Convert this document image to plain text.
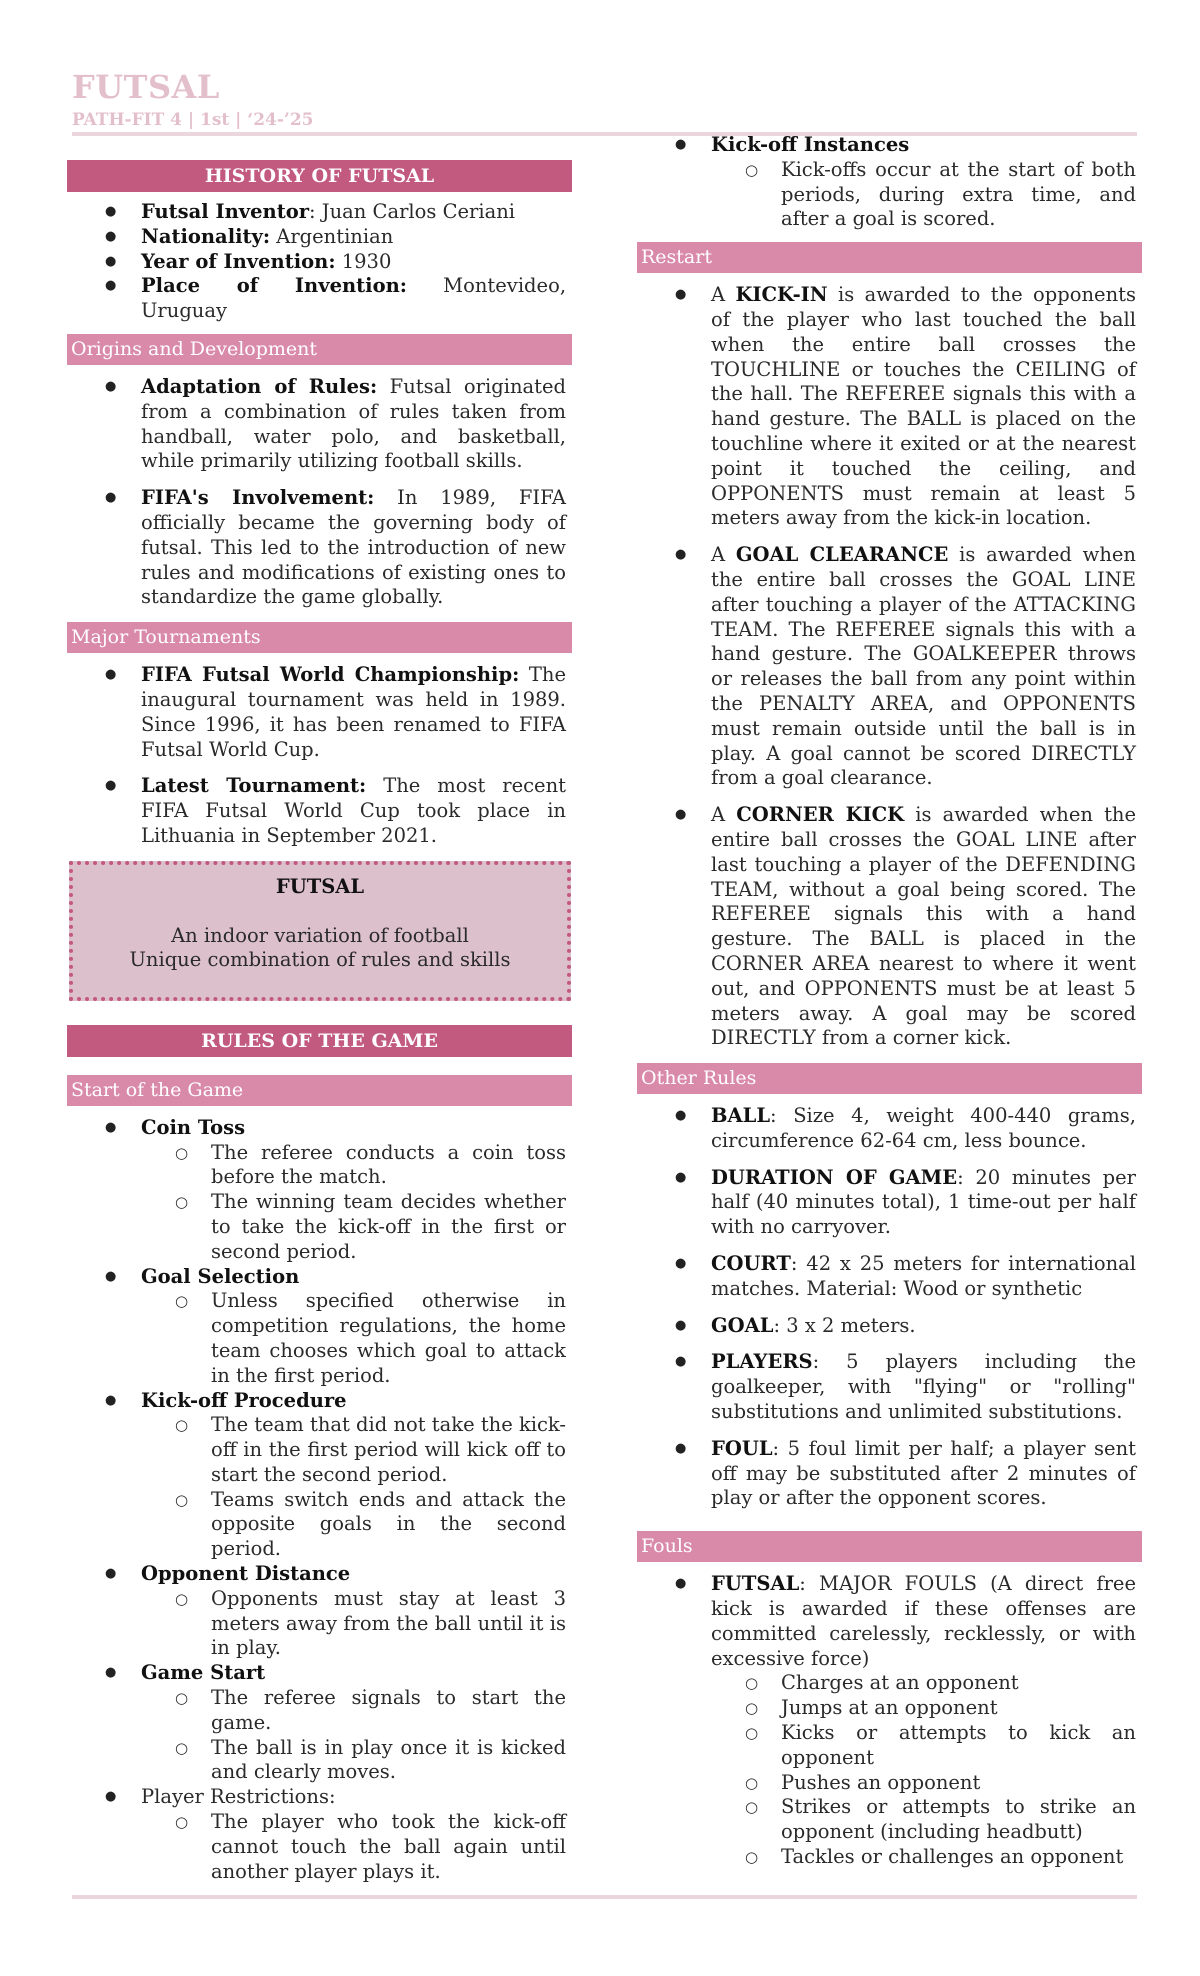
FUTSAL
PATH-FIT 4 | 1st | ‘24-’25
HISTORY OF FUTSAL
● Futsal Inventor: Juan Carlos Ceriani
● Nationality: Argentinian
● Year of Invention: 1930
● Place of Invention: Montevideo, Uruguay
Origins and Development
● Adaptation of Rules: Futsal originated from a combination of rules taken from handball, water polo, and basketball, while primarily utilizing football skills.
● FIFA's Involvement: In 1989, FIFA officially became the governing body of futsal. This led to the introduction of new rules and modifications of existing ones to standardize the game globally.
Major Tournaments
● FIFA Futsal World Championship: The inaugural tournament was held in 1989. Since 1996, it has been renamed to FIFA Futsal World Cup.
● Latest Tournament: The most recent FIFA Futsal World Cup took place in Lithuania in September 2021.
FUTSAL
An indoor variation of football
Unique combination of rules and skills
RULES OF THE GAME
Start of the Game
● Coin Toss
○ The referee conducts a coin toss before the match.
○ The winning team decides whether to take the kick-off in the first or second period.
● Goal Selection
○ Unless specified otherwise in competition regulations, the home team chooses which goal to attack in the first period.
● Kick-off Procedure
○ The team that did not take the kick-off in the first period will kick off to start the second period.
○ Teams switch ends and attack the opposite goals in the second period.
● Opponent Distance
○ Opponents must stay at least 3 meters away from the ball until it is in play.
● Game Start
○ The referee signals to start the game.
○ The ball is in play once it is kicked and clearly moves.
● Player Restrictions:
○ The player who took the kick-off cannot touch the ball again until another player plays it.
● Kick-off Instances
○ Kick-offs occur at the start of both periods, during extra time, and after a goal is scored.
Restart
● A KICK-IN is awarded to the opponents of the player who last touched the ball when the entire ball crosses the TOUCHLINE or touches the CEILING of the hall. The REFEREE signals this with a hand gesture. The BALL is placed on the touchline where it exited or at the nearest point it touched the ceiling, and OPPONENTS must remain at least 5 meters away from the kick-in location.
● A GOAL CLEARANCE is awarded when the entire ball crosses the GOAL LINE after touching a player of the ATTACKING TEAM. The REFEREE signals this with a hand gesture. The GOALKEEPER throws or releases the ball from any point within the PENALTY AREA, and OPPONENTS must remain outside until the ball is in play. A goal cannot be scored DIRECTLY from a goal clearance.
● A CORNER KICK is awarded when the entire ball crosses the GOAL LINE after last touching a player of the DEFENDING TEAM, without a goal being scored. The REFEREE signals this with a hand gesture. The BALL is placed in the CORNER AREA nearest to where it went out, and OPPONENTS must be at least 5 meters away. A goal may be scored DIRECTLY from a corner kick.
Other Rules
● BALL: Size 4, weight 400-440 grams, circumference 62-64 cm, less bounce.
● DURATION OF GAME: 20 minutes per half (40 minutes total), 1 time-out per half with no carryover.
● COURT: 42 x 25 meters for international matches. Material: Wood or synthetic
● GOAL: 3 x 2 meters.
● PLAYERS: 5 players including the goalkeeper, with "flying" or "rolling" substitutions and unlimited substitutions.
● FOUL: 5 foul limit per half; a player sent off may be substituted after 2 minutes of play or after the opponent scores.
Fouls
● FUTSAL: MAJOR FOULS (A direct free kick is awarded if these offenses are committed carelessly, recklessly, or with excessive force)
○ Charges at an opponent
○ Jumps at an opponent
○ Kicks or attempts to kick an opponent
○ Pushes an opponent
○ Strikes or attempts to strike an opponent (including headbutt)
○ Tackles or challenges an opponent
